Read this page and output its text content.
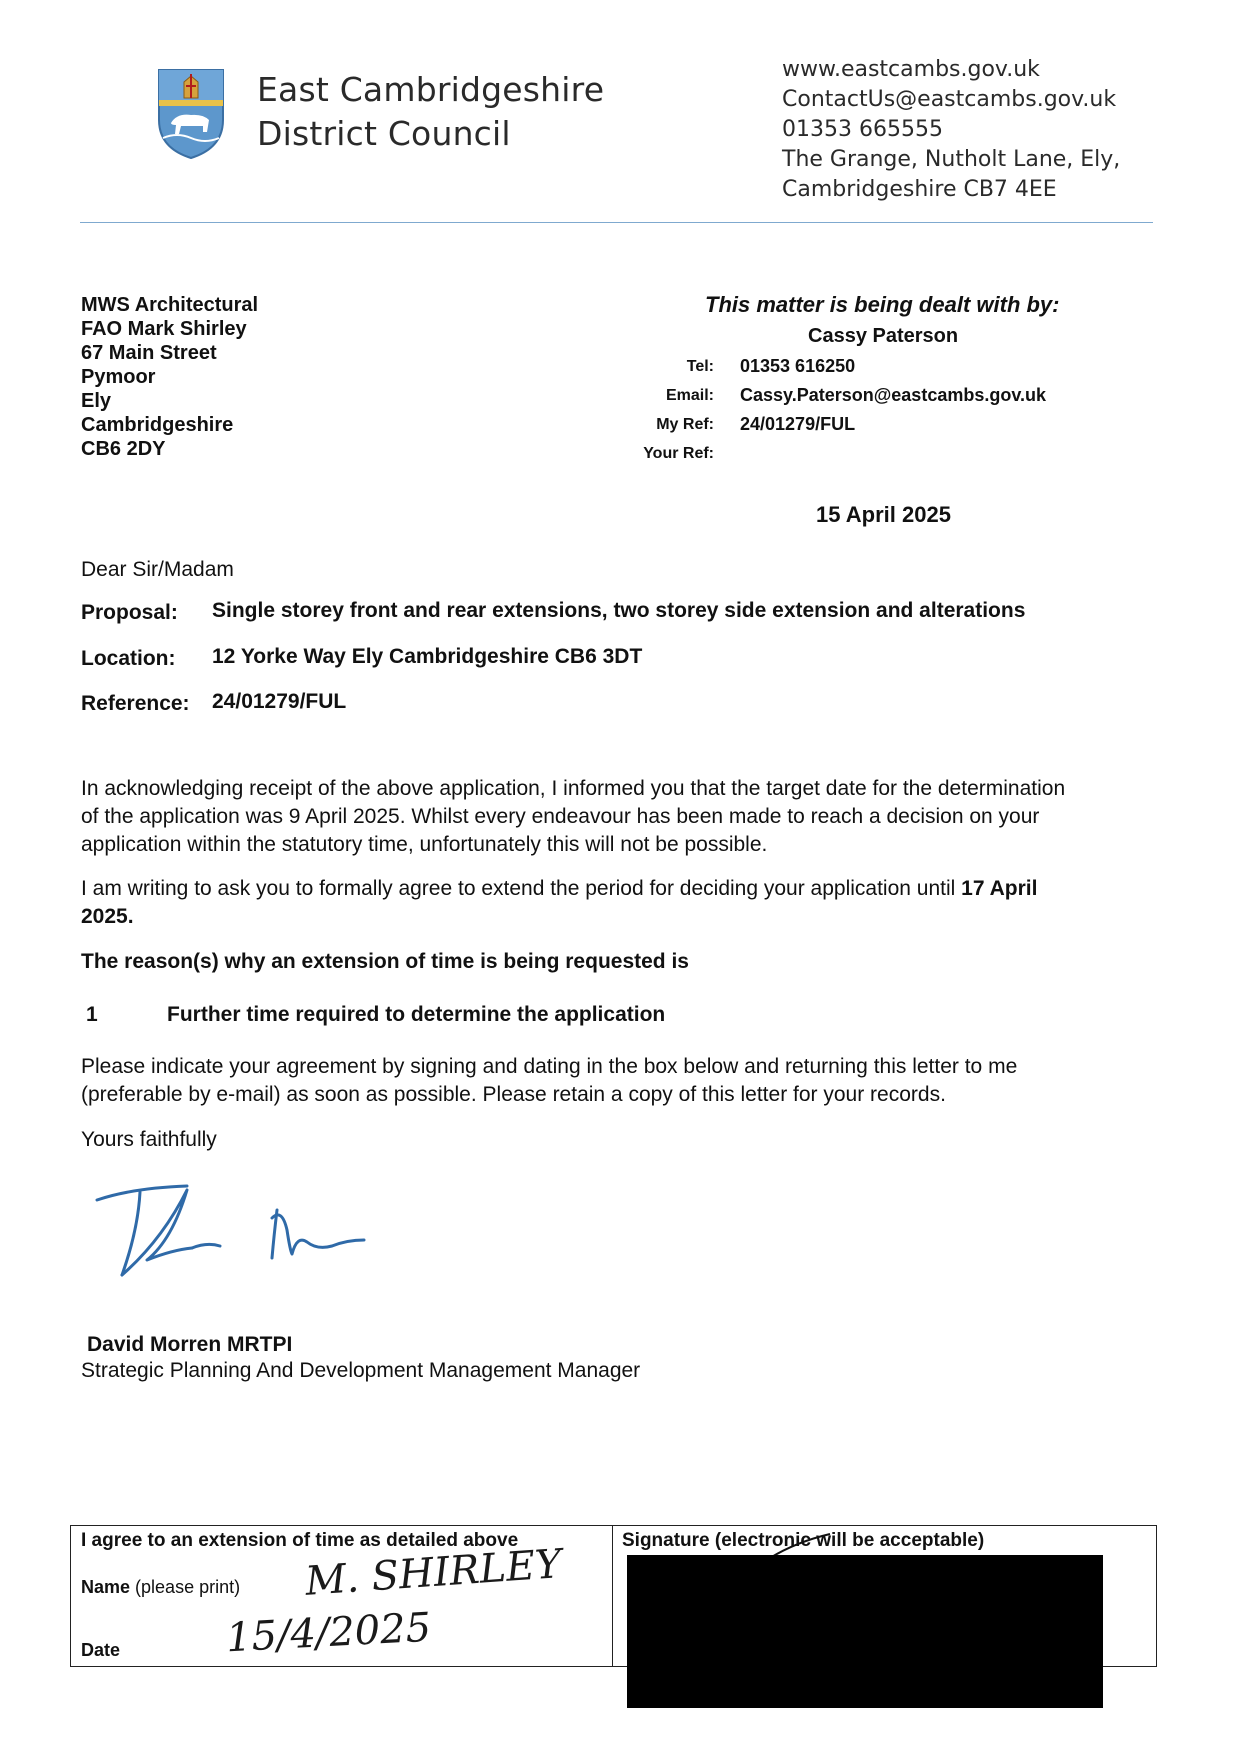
East Cambridgeshire
District Council
www.eastcambs.gov.uk
ContactUs@eastcambs.gov.uk
01353 665555
The Grange, Nutholt Lane, Ely,
Cambridgeshire CB7 4EE
MWS Architectural
FAO Mark Shirley
67 Main Street
Pymoor
Ely
Cambridgeshire
CB6 2DY
This matter is being dealt with by:
Cassy Paterson
Tel: 01353 616250
Email: Cassy.Paterson@eastcambs.gov.uk
My Ref: 24/01279/FUL
Your Ref:
15 April 2025
Dear Sir/Madam
Proposal: Single storey front and rear extensions, two storey side extension and alterations
Location: 12 Yorke Way Ely Cambridgeshire CB6 3DT
Reference: 24/01279/FUL
In acknowledging receipt of the above application, I informed you that the target date for the determination
of the application was 9 April 2025. Whilst every endeavour has been made to reach a decision on your
application within the statutory time, unfortunately this will not be possible.
I am writing to ask you to formally agree to extend the period for deciding your application until 17 April
2025.
The reason(s) why an extension of time is being requested is
1	Further time required to determine the application
Please indicate your agreement by signing and dating in the box below and returning this letter to me
(preferable by e-mail) as soon as possible. Please retain a copy of this letter for your records.
Yours faithfully
David Morren MRTPI
Strategic Planning And Development Management Manager
I agree to an extension of time as detailed above
Name (please print) M. SHIRLEY
Date	15/4/2025
Signature (electronic will be acceptable)
